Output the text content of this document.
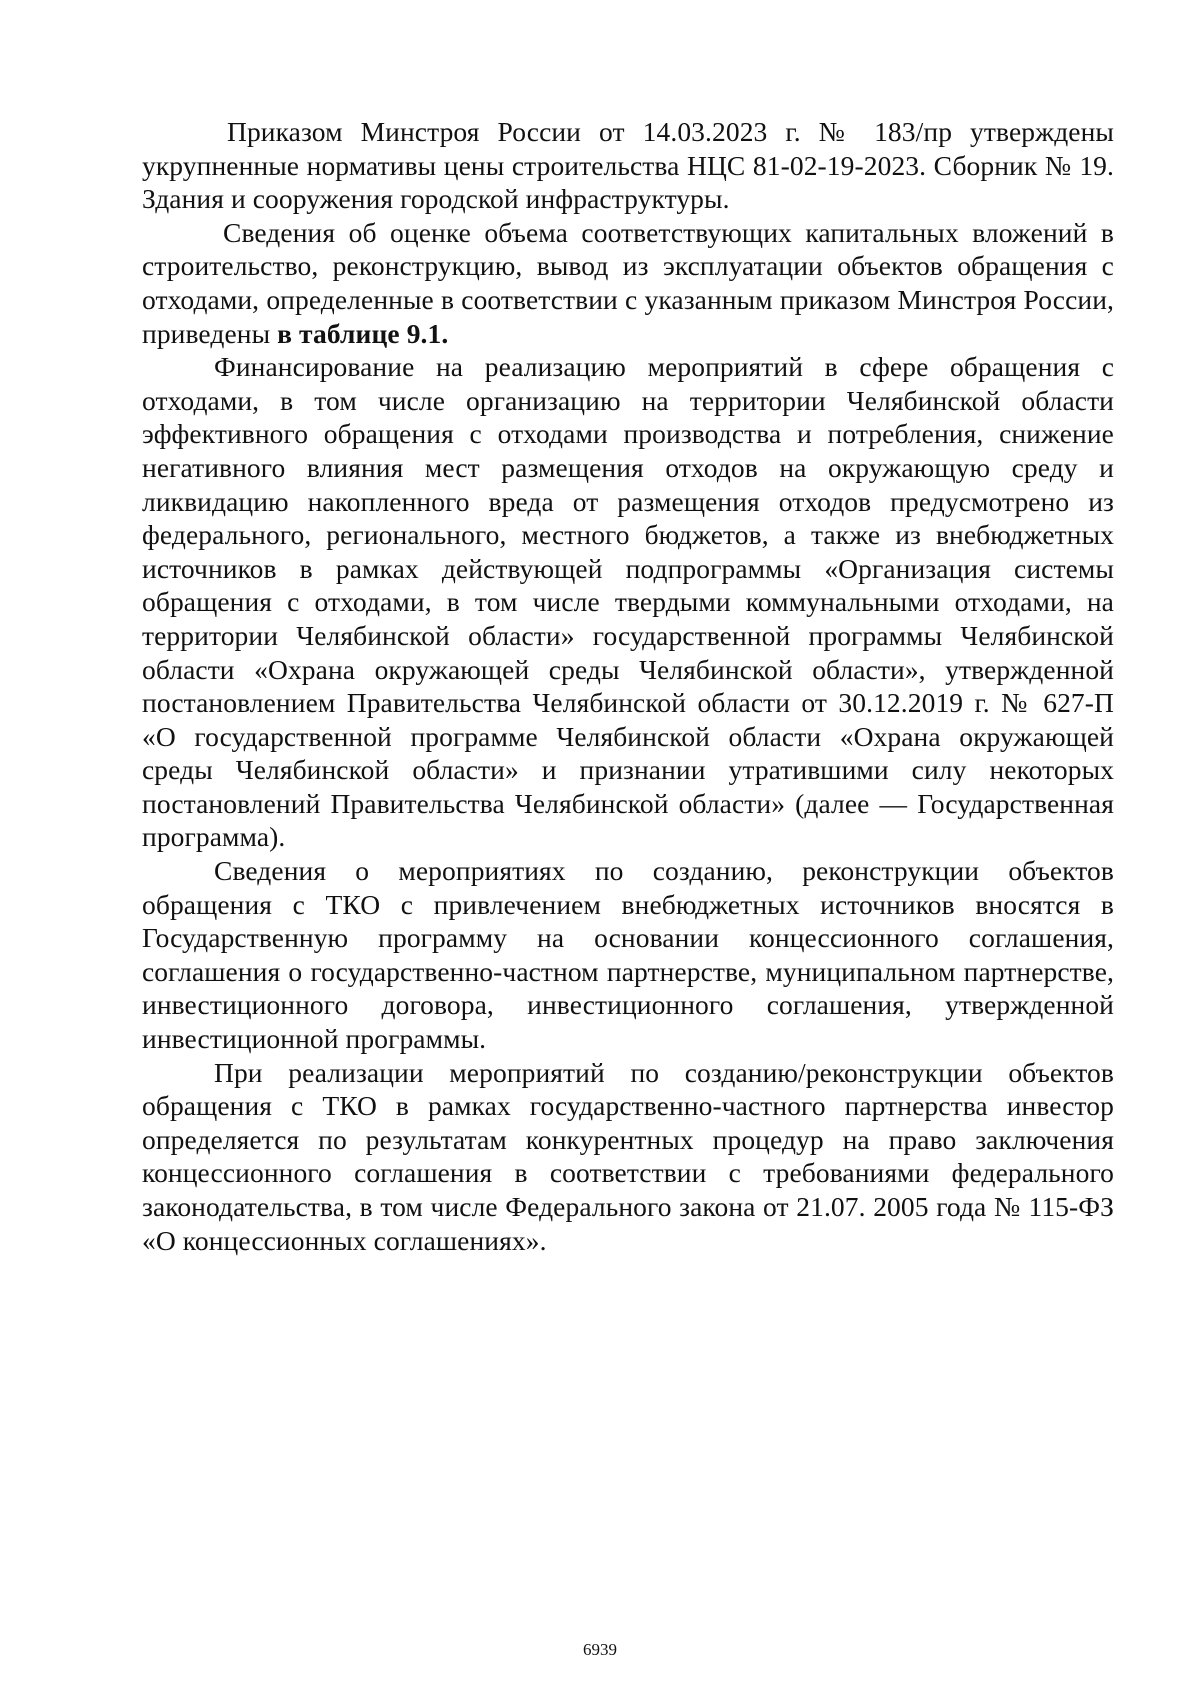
Приказом Минстроя России от 14.03.2023 г. № 183/пр утверждены укрупненные нормативы цены строительства НЦС 81-02-19-2023. Сборник № 19. Здания и сооружения городской инфраструктуры.

Сведения об оценке объема соответствующих капитальных вложений в строительство, реконструкцию, вывод из эксплуатации объектов обращения с отходами, определенные в соответствии с указанным приказом Минстроя России, приведены в таблице 9.1.

Финансирование на реализацию мероприятий в сфере обращения с отходами, в том числе организацию на территории Челябинской области эффективного обращения с отходами производства и потребления, снижение негативного влияния мест размещения отходов на окружающую среду и ликвидацию накопленного вреда от размещения отходов предусмотрено из федерального, регионального, местного бюджетов, а также из внебюджетных источников в рамках действующей подпрограммы «Организация системы обращения с отходами, в том числе твердыми коммунальными отходами, на территории Челябинской области» государственной программы Челябинской области «Охрана окружающей среды Челябинской области», утвержденной постановлением Правительства Челябинской области от 30.12.2019 г. № 627-П «О государственной программе Челябинской области «Охрана окружающей среды Челябинской области» и признании утратившими силу некоторых постановлений Правительства Челябинской области» (далее — Государственная программа).

Сведения о мероприятиях по созданию, реконструкции объектов обращения с ТКО с привлечением внебюджетных источников вносятся в Государственную программу на основании концессионного соглашения, соглашения о государственно-частном партнерстве, муниципальном партнерстве, инвестиционного договора, инвестиционного соглашения, утвержденной инвестиционной программы.

При реализации мероприятий по созданию/реконструкции объектов обращения с ТКО в рамках государственно-частного партнерства инвестор определяется по результатам конкурентных процедур на право заключения концессионного соглашения в соответствии с требованиями федерального законодательства, в том числе Федерального закона от 21.07. 2005 года № 115-ФЗ «О концессионных соглашениях».

6939
